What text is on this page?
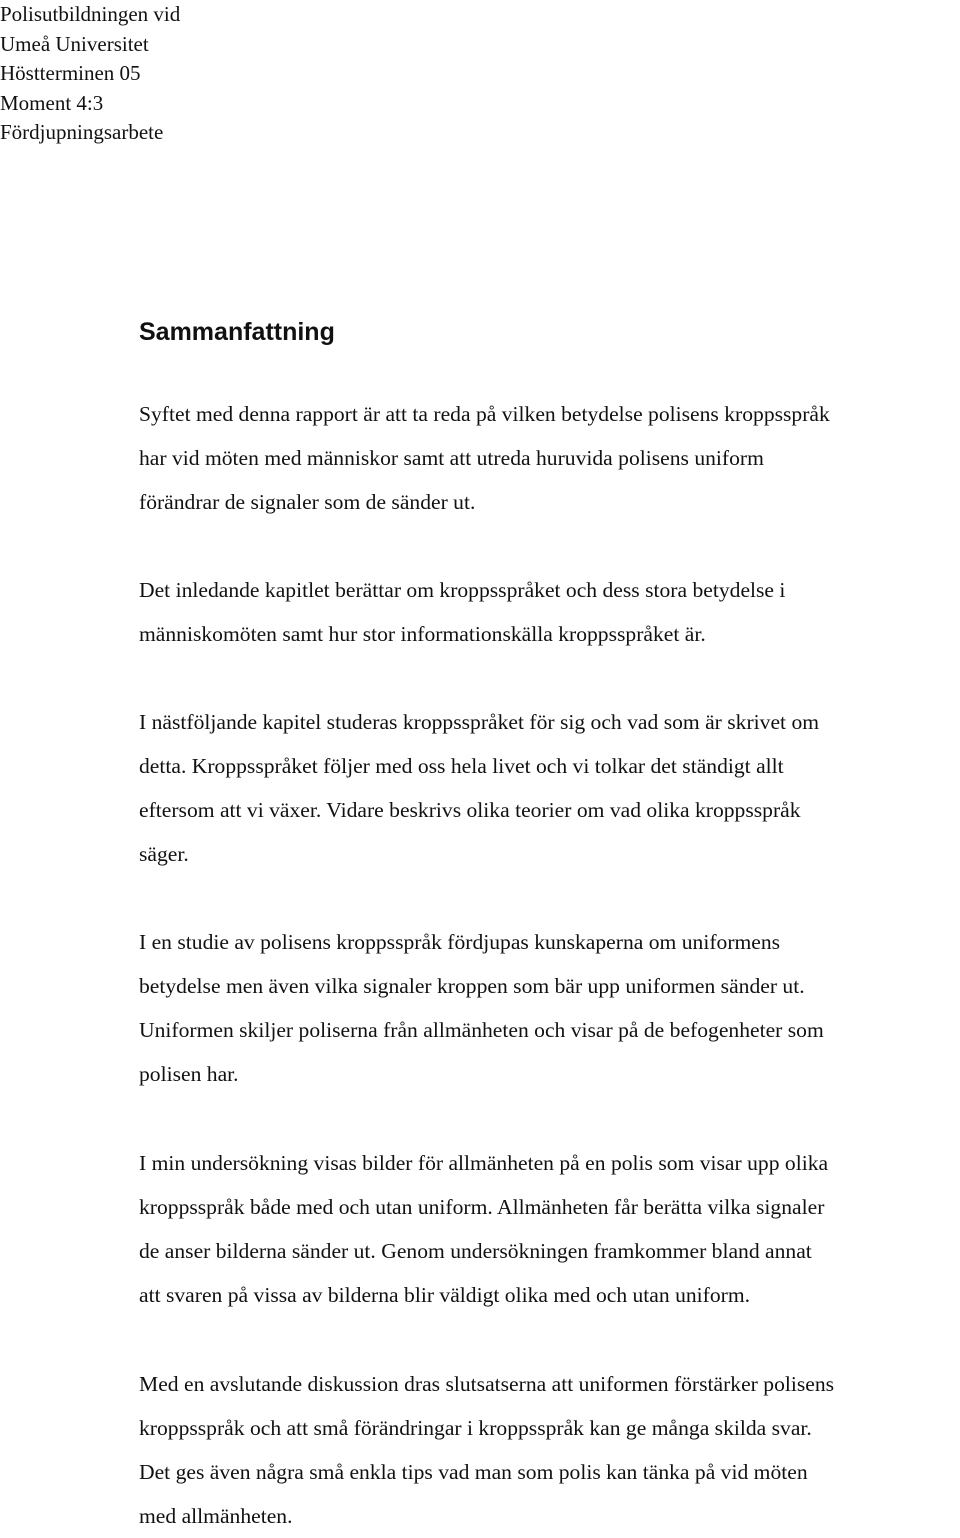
Polisutbildningen vid
Umeå Universitet
Höstterminen 05
Moment 4:3
Fördjupningsarbete
Sammanfattning

Syftet med denna rapport är att ta reda på vilken betydelse polisens kroppsspråk
har vid möten med människor samt att utreda huruvida polisens uniform
förändrar de signaler som de sänder ut.

Det inledande kapitlet berättar om kroppsspråket och dess stora betydelse i
människomöten samt hur stor informationskälla kroppsspråket är.

I nästföljande kapitel studeras kroppsspråket för sig och vad som är skrivet om
detta. Kroppsspråket följer med oss hela livet och vi tolkar det ständigt allt
eftersom att vi växer. Vidare beskrivs olika teorier om vad olika kroppsspråk
säger.

I en studie av polisens kroppsspråk fördjupas kunskaperna om uniformens
betydelse men även vilka signaler kroppen som bär upp uniformen sänder ut.
Uniformen skiljer poliserna från allmänheten och visar på de befogenheter som
polisen har.

I min undersökning visas bilder för allmänheten på en polis som visar upp olika
kroppsspråk både med och utan uniform. Allmänheten får berätta vilka signaler
de anser bilderna sänder ut. Genom undersökningen framkommer bland annat
att svaren på vissa av bilderna blir väldigt olika med och utan uniform.

Med en avslutande diskussion dras slutsatserna att uniformen förstärker polisens
kroppsspråk och att små förändringar i kroppsspråk kan ge många skilda svar.
Det ges även några små enkla tips vad man som polis kan tänka på vid möten
med allmänheten.
